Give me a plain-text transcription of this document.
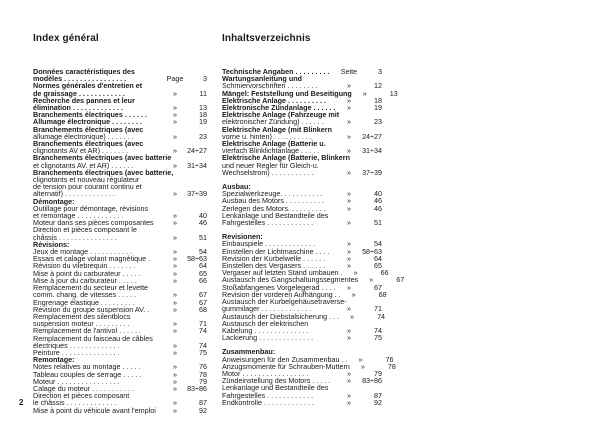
Index général	Inhaltsverzeichnis
Données caractéristiques des
modèles . . . . . . . . . . . . . . . .	Page	3
Normes générales d'entretien et
de graissage . . . . . . . . . . . .	»	11
Recherche des pannes et leur
élimination . . . . . . . . . . . . .	»	13
Branchements électriques . . . . . .	»	18
Allumage électronique . . . . . . . .	»	19
Branchements électriques (avec
allumage électronique) . . . . . . .	»	23
Branchements électriques (avec
clignotants AV et AR) . . . . . . .	»	24÷27
Branchements électriques (avec batterie
et clignotants AV. et AR) . . . . . .	»	31÷34
Branchements électriques (avec batterie,
clignotants et nouveau régulateur
de tension pour courant continu et
alternatif) . . . . . . . . . . . . .	»	37÷39
Démontage:
Outillage pour démontage, révisions
et remontage . . . . . . . . . . . .	»	40
Moteur dans ses pièces composantes	»	46
Direction et pièces composant le
châssis . . . . . . . . . . . . . . .	»	51
Révisions:
Jeux de montage . . . . . . . . . . .	»	54
Essais et calage volant magnétique .	»	58÷63
Révision du vilebrequin . . . . . . .	»	64
Mise à point du carburateur . . . . .	»	65
Mise à jour du carburateur . . . . .	»	66
Remplacement du secteur et levette
comm. chang. de vitesses . . . . .	»	67
Engrenage élastique . . . . . . . . .	»	67
Révision du groupe suspension AV. .	»	68
Remplacement des silentblocs
suspension moteur . . . . . . . . .	»	71
Remplacement de l'antivol . . . . . .	»	74
Remplacement du faisceau de câbles
électriques . . . . . . . . . . . . .	»	74
Peinture . . . . . . . . . . . . . . .	»	75
Remontage:
Notes relatives au montage . . . . .	»	76
Tableau couples de serrage . . . . .	»	78
Moteur . . . . . . . . . . . . . . . .	»	79
Calage du moteur . . . . . . . . . . .	»	83÷86
Direction et pièces composant
le châssis . . . . . . . . . . . . .	»	87
Mise à point du véhicule avant l'emploi	»	92
Technische Angaben . . . . . . . . .	Seite	3
Wartungsanleitung und
Schmiervorschriften . . . . . . . .	»	12
Mängel: Feststellung und Beseitigung	»	13
Elektrische Anlage . . . . . . . . . .	»	18
Elektronische Zündanlage . . . . . .	»	19
Elektrische Anlage (Fahrzeuge mit
elektronischer Zündung) . . . . . .	»	23
Elektrische Anlage (mit Blinkern
vorne u. hinten) . . . . . . . . . .	»	24÷27
Elektrische Anlage (Batterie u.
vierfach Blinklichtanlage . . . . .	»	31÷34
Elektrische Anlage (Batterie, Blinkern
und neuer Regler für Gleich-u.
Wechselstrom) . . . . . . . . . . .	»	37÷39
Ausbau:
Spezialwerkzeuge. . . . . . . . . . .	»	40
Ausbau des Motors . . . . . . . . . .	»	46
Zerlegen des Motors. . . . . . . . . .	»	46
Lenkanlage und Bestandteile des
Fahrgestelles . . . . . . . . . . . .	»	51
Revisionen:
Einbauspiele . . . . . . . . . . . . .	»	54
Einstellen der Lichtmaschine . . . .	»	58÷63
Revision der Kurbelwelle . . . . . .	»	64
Einstellen des Vergasers . . . . . .	»	65
Vergaser auf letzten Stand umbauen .	»	66
Austausch des Gangschaltungssegmentes	»	67
Stoßabfangenes Vorgelegerad . . . .	»	67
Revision der vorderen Aufhängung . .	»	68
Austausch der Kurbelgehäusetraverse-
gummilager . . . . . . . . . . . . .	»	71
Austausch der Diebstalsicherung . . .	»	74
Austausch der elektrischen
Kabelung . . . . . . . . . . . . . .	»	74
Lackierung . . . . . . . . . . . . . .	»	75
Zusammenbau:
Anweisungen für den Zusammenbau . .	»	76
Anzugsmomente für Schrauben-Muttern	»	78
Motor . . . . . . . . . . . . . . . . .	»	79
Zündeinstellung des Motors . . . . .	»	83÷86
Lenkanlage und Bestandteile des
Fahrgestelles . . . . . . . . . . . .	»	87
Endkontrolle . . . . . . . . . . . . .	»	92
2
